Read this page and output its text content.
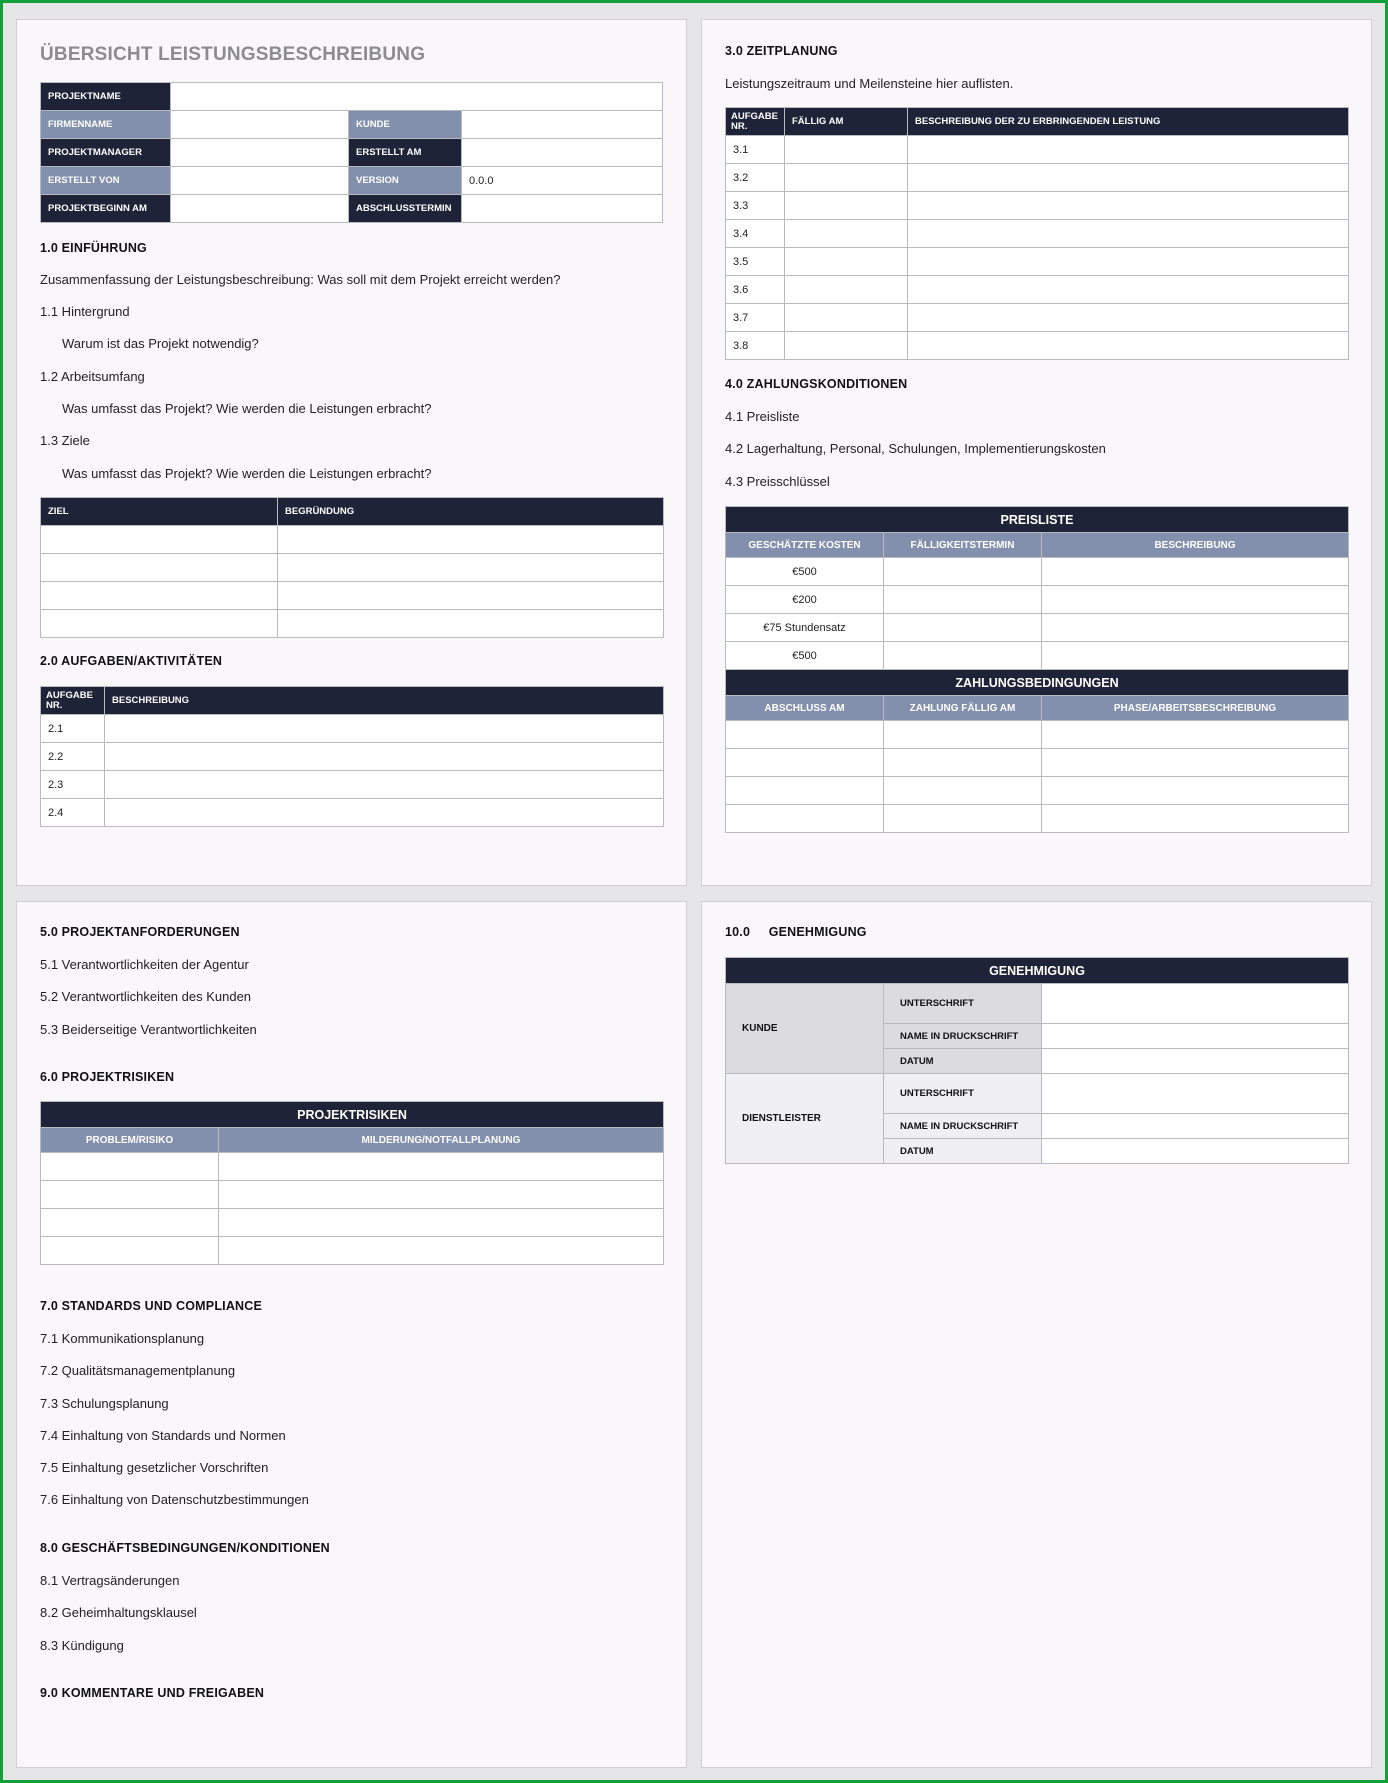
ÜBERSICHT LEISTUNGSBESCHREIBUNG
PROJEKTNAME			
FIRMENNAME		KUNDE	
PROJEKTMANAGER		ERSTELLT AM	
ERSTELLT VON		VERSION	0.0.0
PROJEKTBEGINN AM		ABSCHLUSSTERMIN	
1.0 EINFÜHRUNG
Zusammenfassung der Leistungsbeschreibung: Was soll mit dem Projekt erreicht werden?
1.1 Hintergrund
Warum ist das Projekt notwendig?
1.2 Arbeitsumfang
Was umfasst das Projekt? Wie werden die Leistungen erbracht?
1.3 Ziele
Was umfasst das Projekt? Wie werden die Leistungen erbracht?
ZIEL	BEGRÜNDUNG

2.0 AUFGABEN/AKTIVITÄTEN
AUFGABE NR.	BESCHREIBUNG
2.1	
2.2	
2.3	
2.4	
3.0 ZEITPLANUNG
Leistungszeitraum und Meilensteine hier auflisten.
AUFGABE NR.	FÄLLIG AM	BESCHREIBUNG DER ZU ERBRINGENDEN LEISTUNG
3.1		
3.2		
3.3		
3.4		
3.5		
3.6		
3.7		
3.8		
4.0 ZAHLUNGSKONDITIONEN
4.1 Preisliste
4.2 Lagerhaltung, Personal, Schulungen, Implementierungskosten
4.3 Preisschlüssel
PREISLISTE		
GESCHÄTZTE KOSTEN	FÄLLIGKEITSTERMIN	BESCHREIBUNG
€500		
€200		
€75 Stundensatz		
€500		
ZAHLUNGSBEDINGUNGEN		
ABSCHLUSS AM	ZAHLUNG FÄLLIG AM	PHASE/ARBEITSBESCHREIBUNG

5.0 PROJEKTANFORDERUNGEN
5.1 Verantwortlichkeiten der Agentur
5.2 Verantwortlichkeiten des Kunden
5.3 Beiderseitige Verantwortlichkeiten
6.0 PROJEKTRISIKEN
PROJEKTRISIKEN	
PROBLEM/RISIKO	MILDERUNG/NOTFALLPLANUNG

7.0 STANDARDS UND COMPLIANCE
7.1 Kommunikationsplanung
7.2 Qualitätsmanagementplanung
7.3 Schulungsplanung
7.4 Einhaltung von Standards und Normen
7.5 Einhaltung gesetzlicher Vorschriften
7.6 Einhaltung von Datenschutzbestimmungen
8.0 GESCHÄFTSBEDINGUNGEN/KONDITIONEN
8.1 Vertragsänderungen
8.2 Geheimhaltungsklausel
8.3 Kündigung
9.0 KOMMENTARE UND FREIGABEN
10.0 GENEHMIGUNG
GENEHMIGUNG		
KUNDE	UNTERSCHRIFT	
	NAME IN DRUCKSCHRIFT	
	DATUM	
DIENSTLEISTER	UNTERSCHRIFT	
	NAME IN DRUCKSCHRIFT	
	DATUM	
